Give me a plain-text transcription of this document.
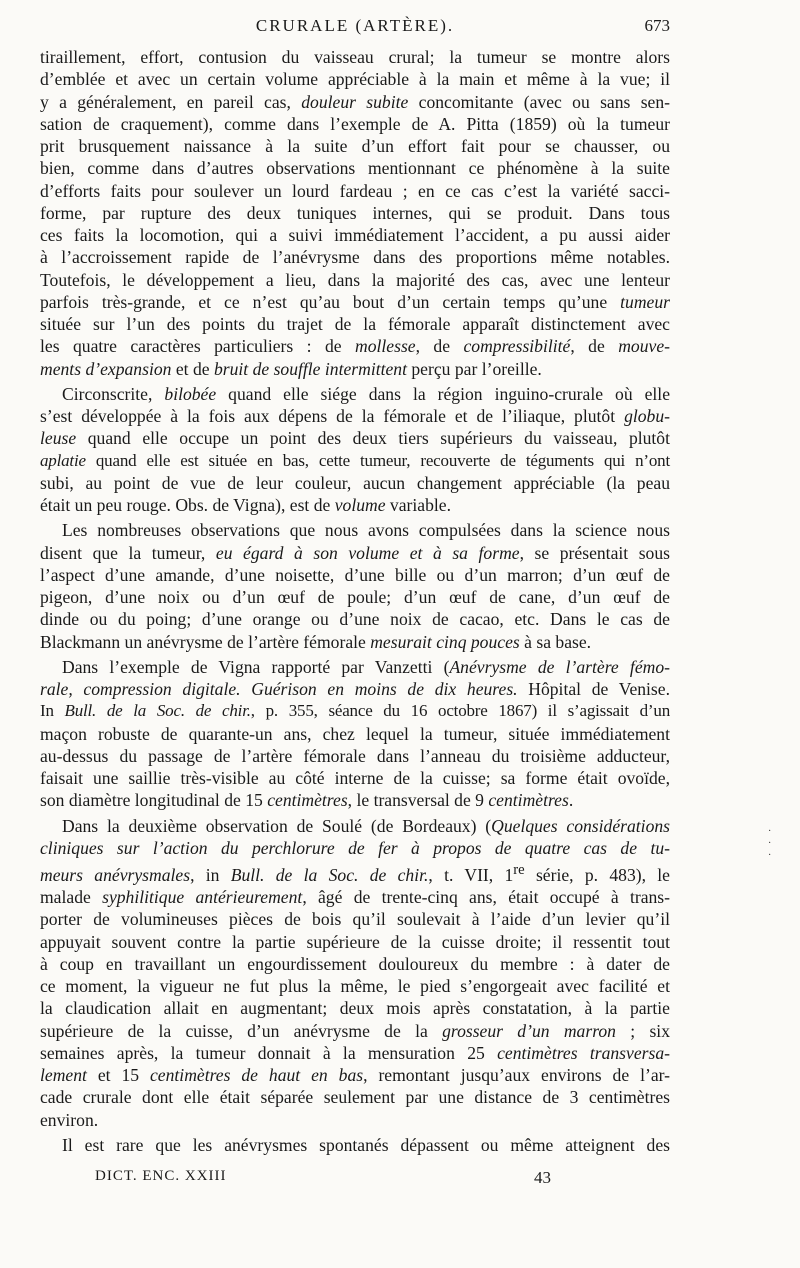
CRURALE (ARTÈRE).	673
tiraillement, effort, contusion du vaisseau crural; la tumeur se montre alors
d’emblée et avec un certain volume appréciable à la main et même à la vue; il
y a généralement, en pareil cas, douleur subite concomitante (avec ou sans sen-
sation de craquement), comme dans l’exemple de A. Pitta (1859) où la tumeur
prit brusquement naissance à la suite d’un effort fait pour se chausser, ou
bien, comme dans d’autres observations mentionnant ce phénomène à la suite
d’efforts faits pour soulever un lourd fardeau ; en ce cas c’est la variété sacci-
forme, par rupture des deux tuniques internes, qui se produit. Dans tous
ces faits la locomotion, qui a suivi immédiatement l’accident, a pu aussi aider
à l’accroissement rapide de l’anévrysme dans des proportions même notables.
Toutefois, le développement a lieu, dans la majorité des cas, avec une lenteur
parfois très-grande, et ce n’est qu’au bout d’un certain temps qu’une tumeur
située sur l’un des points du trajet de la fémorale apparaît distinctement avec
les quatre caractères particuliers : de mollesse, de compressibilité, de mouve-
ments d’expansion et de bruit de souffle intermittent perçu par l’oreille.
Circonscrite, bilobée quand elle siége dans la région inguino-crurale où elle
s’est développée à la fois aux dépens de la fémorale et de l’iliaque, plutôt globu-
leuse quand elle occupe un point des deux tiers supérieurs du vaisseau, plutôt
aplatie quand elle est située en bas, cette tumeur, recouverte de téguments qui n’ont
subi, au point de vue de leur couleur, aucun changement appréciable (la peau
était un peu rouge. Obs. de Vigna), est de volume variable.
Les nombreuses observations que nous avons compulsées dans la science nous
disent que la tumeur, eu égard à son volume et à sa forme, se présentait sous
l’aspect d’une amande, d’une noisette, d’une bille ou d’un marron; d’un œuf de
pigeon, d’une noix ou d’un œuf de poule; d’un œuf de cane, d’un œuf de
dinde ou du poing; d’une orange ou d’une noix de cacao, etc. Dans le cas de
Blackmann un anévrysme de l’artère fémorale mesurait cinq pouces à sa base.
Dans l’exemple de Vigna rapporté par Vanzetti (Anévrysme de l’artère fémo-
rale, compression digitale. Guérison en moins de dix heures. Hôpital de Venise.
In Bull. de la Soc. de chir., p. 355, séance du 16 octobre 1867) il s’agissait d’un
maçon robuste de quarante-un ans, chez lequel la tumeur, située immédiatement
au-dessus du passage de l’artère fémorale dans l’anneau du troisième adducteur,
faisait une saillie très-visible au côté interne de la cuisse; sa forme était ovoïde,
son diamètre longitudinal de 15 centimètres, le transversal de 9 centimètres.
Dans la deuxième observation de Soulé (de Bordeaux) (Quelques considérations
cliniques sur l’action du perchlorure de fer à propos de quatre cas de tu-
meurs anévrysmales, in Bull. de la Soc. de chir., t. VII, 1re série, p. 483), le
malade syphilitique antérieurement, âgé de trente-cinq ans, était occupé à trans-
porter de volumineuses pièces de bois qu’il soulevait à l’aide d’un levier qu’il
appuyait souvent contre la partie supérieure de la cuisse droite; il ressentit tout
à coup en travaillant un engourdissement douloureux du membre : à dater de
ce moment, la vigueur ne fut plus la même, le pied s’engorgeait avec facilité et
la claudication allait en augmentant; deux mois après constatation, à la partie
supérieure de la cuisse, d’un anévrysme de la grosseur d’un marron ; six
semaines après, la tumeur donnait à la mensuration 25 centimètres transversa-
lement et 15 centimètres de haut en bas, remontant jusqu’aux environs de l’ar-
cade crurale dont elle était séparée seulement par une distance de 3 centimètres
environ.
Il est rare que les anévrysmes spontanés dépassent ou même atteignent des
·
·
·
DICT. ENC. XXIII	43
